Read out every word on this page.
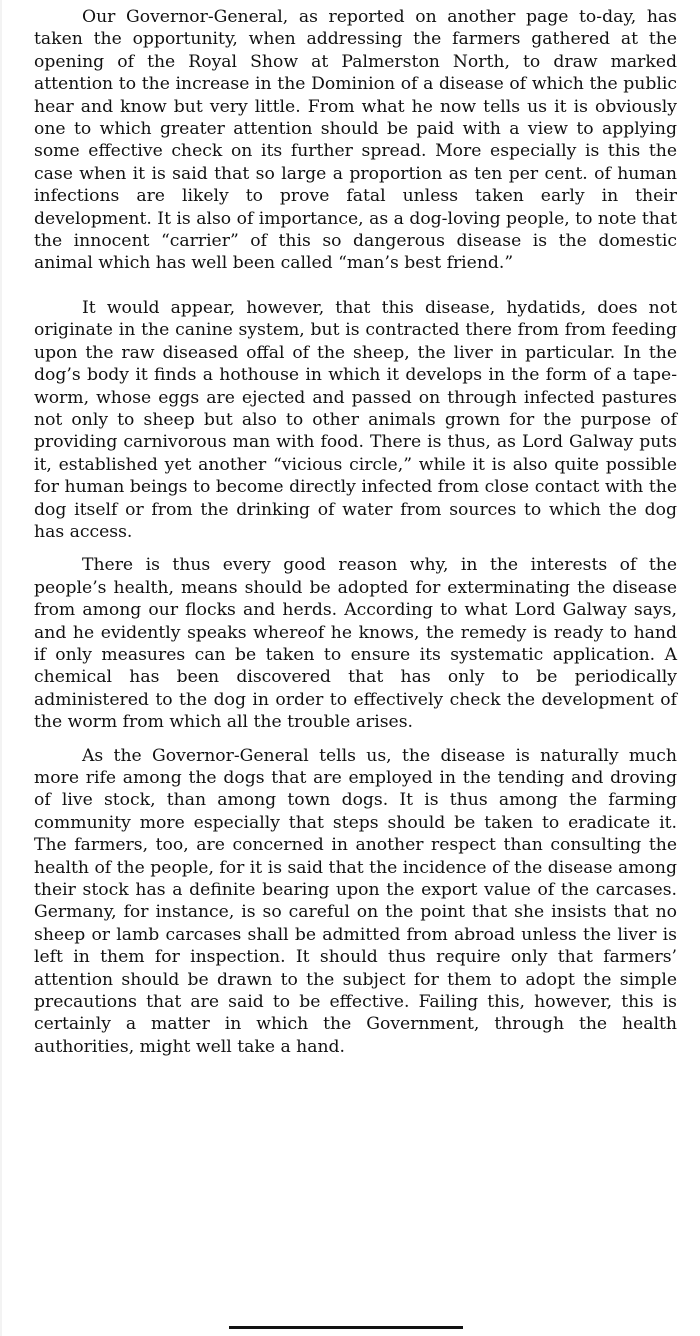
Our Governor-General, as reported on another page to-day, has taken the opportunity, when addressing the farmers gathered at the opening of the Royal Show at Palmerston North, to draw marked attention to the increase in the Dominion of a disease of which the public hear and know but very little. From what he now tells us it is obviously one to which greater attention should be paid with a view to applying some effective check on its further spread. More especially is this the case when it is said that so large a proportion as ten per cent. of human infections are likely to prove fatal unless taken early in their development. It is also of importance, as a dog-loving people, to note that the innocent “carrier” of this so dangerous disease is the domestic animal which has well been called “man’s best friend.”

It would appear, however, that this disease, hydatids, does not originate in the canine system, but is contracted there from from feeding upon the raw diseased offal of the sheep, the liver in particular. In the dog’s body it finds a hothouse in which it develops in the form of a tape-worm, whose eggs are ejected and passed on through infected pastures not only to sheep but also to other animals grown for the purpose of providing carnivorous man with food. There is thus, as Lord Galway puts it, established yet another “vicious circle,” while it is also quite possible for human beings to become directly infected from close contact with the dog itself or from the drinking of water from sources to which the dog has access.

There is thus every good reason why, in the interests of the people’s health, means should be adopted for exterminating the disease from among our flocks and herds. According to what Lord Galway says, and he evidently speaks whereof he knows, the remedy is ready to hand if only measures can be taken to ensure its systematic application. A chemical has been discovered that has only to be periodically administered to the dog in order to effectively check the development of the worm from which all the trouble arises.

As the Governor-General tells us, the disease is naturally much more rife among the dogs that are employed in the tending and droving of live stock, than among town dogs. It is thus among the farming community more especially that steps should be taken to eradicate it. The farmers, too, are concerned in another respect than consulting the health of the people, for it is said that the incidence of the disease among their stock has a definite bearing upon the export value of the carcases. Germany, for instance, is so careful on the point that she insists that no sheep or lamb carcases shall be admitted from abroad unless the liver is left in them for inspection. It should thus require only that farmers’ attention should be drawn to the subject for them to adopt the simple precautions that are said to be effective. Failing this, however, this is certainly a matter in which the Government, through the health authorities, might well take a hand.
